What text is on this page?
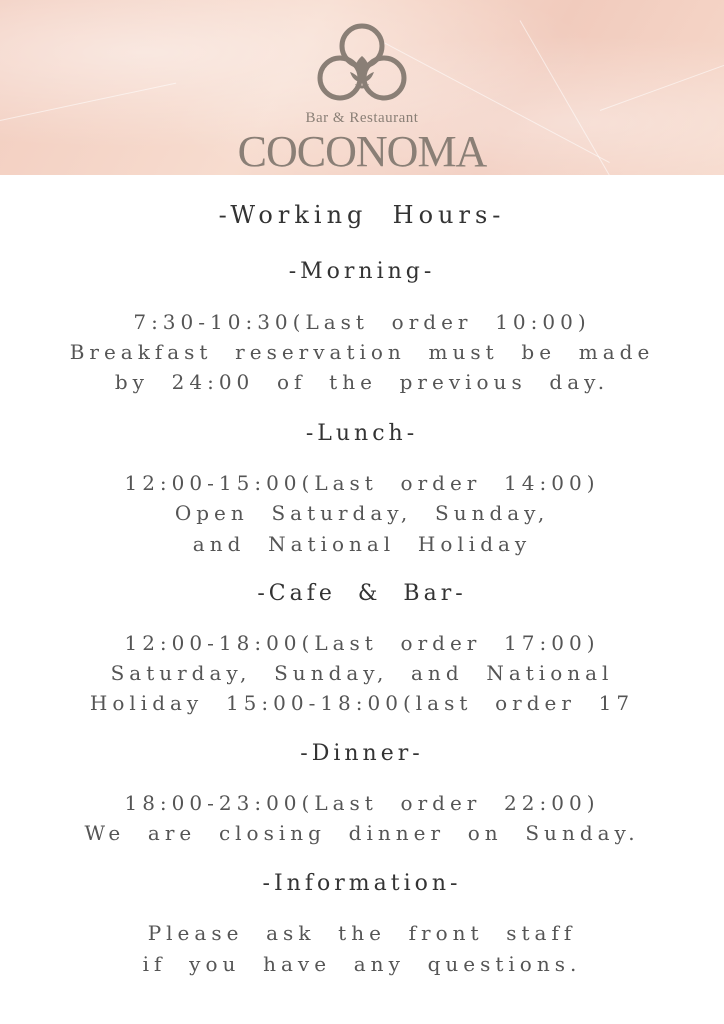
Bar & Restaurant
COCONOMA
-Working  Hours-
-Morning-
7:30-10:30(Last  order  10:00)
Breakfast  reservation  must  be  made
by  24:00  of  the  previous  day.
-Lunch-
12:00-15:00(Last  order  14:00)
Open  Saturday,  Sunday,
and  National  Holiday
-Cafe  &  Bar-
12:00-18:00(Last  order  17:00)
Saturday,  Sunday,  and  National
Holiday  15:00-18:00(last  order  17
-Dinner-
18:00-23:00(Last  order  22:00)
We  are  closing  dinner  on  Sunday.
-Information-
Please  ask  the  front  staff
if  you  have  any  questions.
